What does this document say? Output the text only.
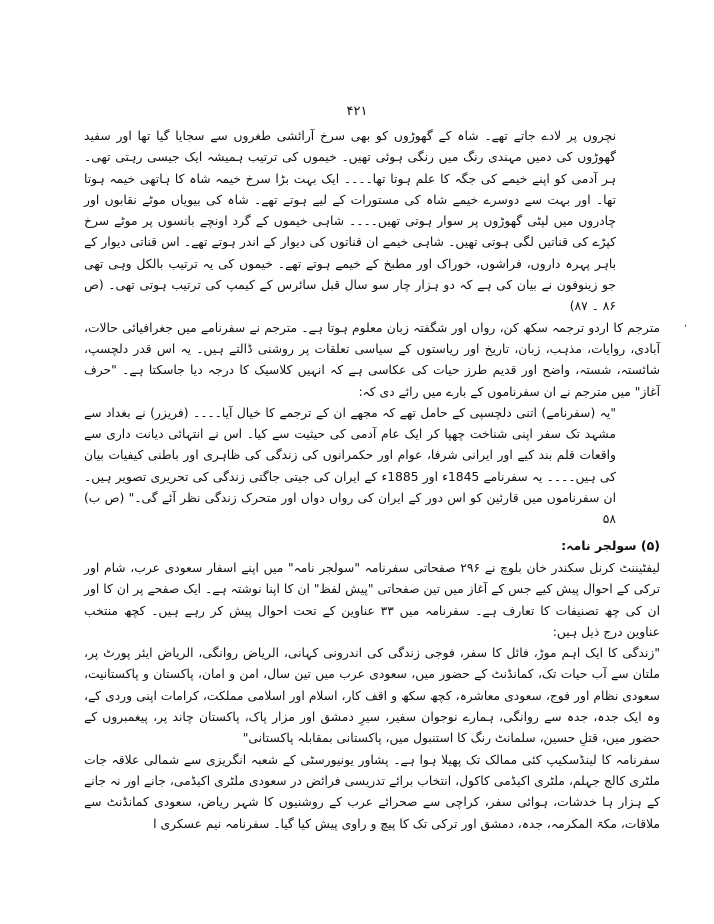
۴۲۱
,

نچروں پر لادے جاتے تھے۔ شاہ کے گھوڑوں کو بھی سرخ آرائشی طغروں سے سجایا گیا تھا اور سفید گھوڑوں کی دمیں مہندی رنگ میں رنگی ہوئی تھیں۔ خیموں کی ترتیب ہمیشہ ایک جیسی رہتی تھی۔ ہر آدمی کو اپنے خیمے کی جگہ کا علم ہوتا تھا۔۔۔۔ ایک بہت بڑا سرخ خیمہ شاہ کا ہاتھی خیمہ ہوتا تھا۔ اور بہت سے دوسرے خیمے شاہ کی مستورات کے لیے ہوتے تھے۔ شاہ کی بیویاں موٹے نقابوں اور چادروں میں لپٹی گھوڑوں پر سوار ہوتی تھیں۔۔۔۔ شاہی خیموں کے گرد اونچے بانسوں پر موٹے سرخ کپڑے کی قناتیں لگی ہوتی تھیں۔ شاہی خیمے ان قناتوں کی دیوار کے اندر ہوتے تھے۔ اس قناتی دیوار کے باہر پہرہ داروں، فراشوں، خوراک اور مطبخ کے خیمے ہوتے تھے۔ خیموں کی یہ ترتیب بالکل وہی تھی جو زینوفون نے بیان کی ہے کہ دو ہزار چار سو سال قبل سائرس کے کیمپ کی ترتیب ہوتی تھی۔ (ص ۸۶ ۔ ۸۷)

مترجم کا اردو ترجمہ سکھ کن، رواں اور شگفتہ زبان معلوم ہوتا ہے۔ مترجم نے سفرنامے میں جغرافیائی حالات، آبادی، روایات، مذہب، زبان، تاریخ اور ریاستوں کے سیاسی تعلقات پر روشنی ڈالتے ہیں۔ یہ اس قدر دلچسپ، شائستہ، شستہ، واضح اور قدیم طرز حیات کی عکاسی ہے کہ انہیں کلاسیک کا درجہ دیا جاسکتا ہے۔ "حرف آغاز" میں مترجم نے ان سفرناموں کے بارے میں رائے دی کہ:

"یہ (سفرنامے) اتنی دلچسپی کے حامل تھے کہ مجھے ان کے ترجمے کا خیال آیا۔۔۔۔ (فریزر) نے بغداد سے مشہد تک سفر اپنی شناخت چھپا کر ایک عام آدمی کی حیثیت سے کیا۔ اس نے انتہائی دیانت داری سے واقعات قلم بند کیے اور ایرانی شرفا، عوام اور حکمرانوں کی زندگی کی ظاہری اور باطنی کیفیات بیان کی ہیں۔۔۔۔ یہ سفرنامے 1845ء اور 1885ء کے ایران کی جیتی جاگتی زندگی کی تحریری تصویر ہیں۔ ان سفرناموں میں قارئین کو اس دور کے ایران کی رواں دواں اور متحرک زندگی نظر آئے گی۔" (ص ب) ۵۸

(۵) سولجر نامہ:

لیفٹیننٹ کرنل سکندر خان بلوچ نے ۲۹۶ صفحاتی سفرنامہ "سولجر نامہ" میں اپنے اسفار سعودی عرب، شام اور ترکی کے احوال پیش کیے جس کے آغاز میں تین صفحاتی "پیش لفظ" ان کا اپنا نوشتہ ہے۔ ایک صفحے پر ان کا اور ان کی چھ تصنیفات کا تعارف ہے۔ سفرنامہ میں ۳۳ عناوین کے تحت احوال پیش کر رہے ہیں۔ کچھ منتخب عناوین درج ذیل ہیں:

"زندگی کا ایک اہم موڑ، فائل کا سفر، فوجی زندگی کی اندرونی کہانی، الریاض روانگی، الریاض ایئر پورٹ پر، ملتان سے آب حیات تک، کمانڈنٹ کے حضور میں، سعودی عرب میں تین سال، امن و امان، پاکستان و پاکستانیت، سعودی نظام اور فوج، سعودی معاشرہ، کچھ سکھ و اقف کار، اسلام اور اسلامی مملکت، کرامات اپنی وردی کے، وہ ایک جدہ، جدہ سے روانگی، ہمارے نوجوان سفیر، سیرِ دمشق اور مزار پاک، پاکستان چاند پر، پیغمبروں کے حضور میں، قتلِ حسین، سلمانٹ رنگ کا استنبول میں، پاکستانی بمقابلہ پاکستانی"

سفرنامہ کا لینڈسکیپ کئی ممالک تک پھیلا ہوا ہے۔ پشاور یونیورسٹی کے شعبہ انگریزی سے شمالی علاقہ جات ملٹری کالج جہلم، ملٹری اکیڈمی کاکول، انتخاب برائے تدریسی فرائض در سعودی ملٹری اکیڈمی، جانے اور نہ جانے کے ہزار ہا خدشات، ہوائی سفر، کراچی سے صحرائے عرب کے روشنیوں کا شہر ریاض، سعودی کمانڈنٹ سے ملاقات، مکۃ المکرمہ، جدہ، دمشق اور ترکی تک کا پیچ و راوی پیش کیا گیا۔ سفرنامہ نیم عسکری ا
